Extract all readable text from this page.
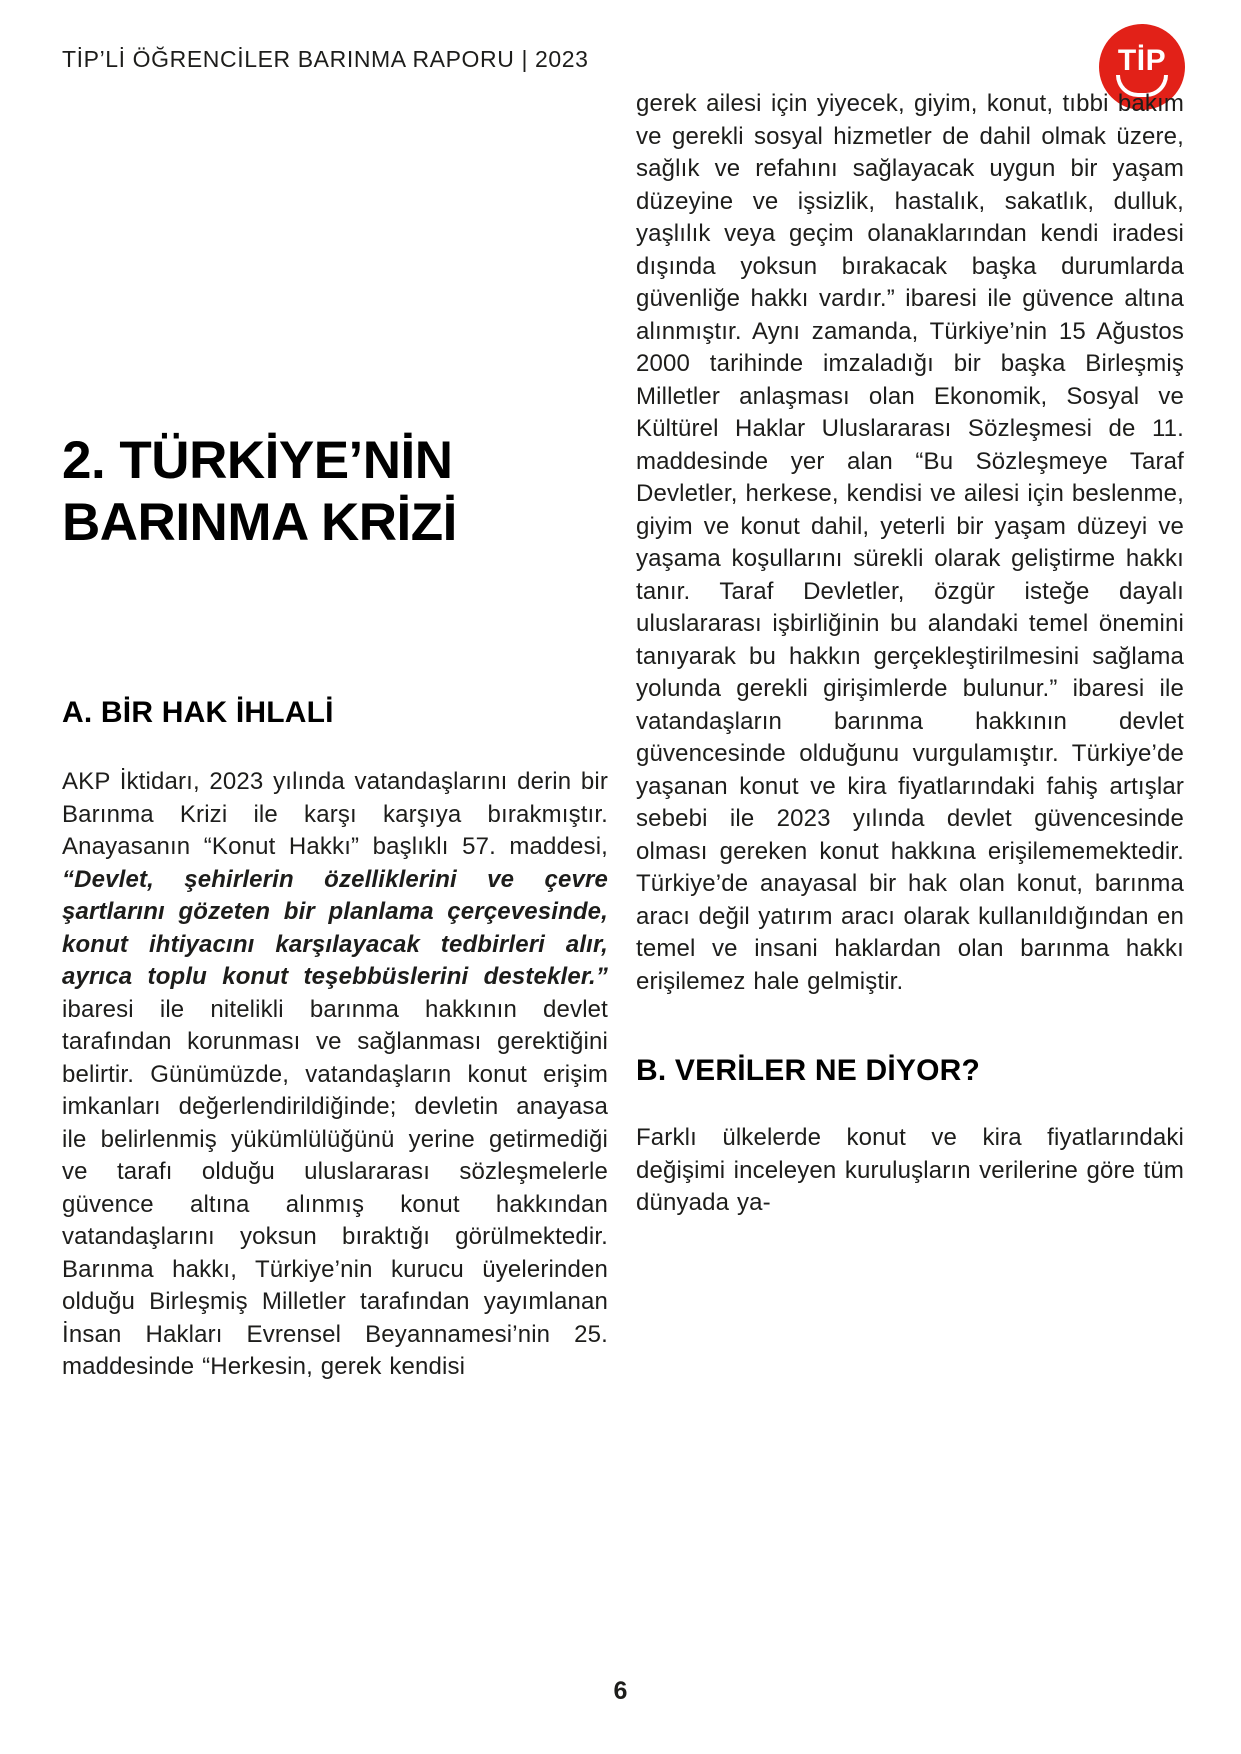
TİP’Lİ ÖĞRENCİLER BARINMA RAPORU | 2023	TİP
2. TÜRKİYE’NİN
BARINMA KRİZİ
A. BİR HAK İHLALİ

AKP İktidarı, 2023 yılında vatandaşlarını derin bir Barınma Krizi ile karşı karşıya bırakmıştır. Anayasanın “Konut Hakkı” başlıklı 57. maddesi, “Devlet, şehirlerin özelliklerini ve çevre şartlarını gözeten bir planlama çerçevesinde, konut ihtiyacını karşılayacak tedbirleri alır, ayrıca toplu konut teşebbüslerini destekler.” ibaresi ile nitelikli barınma hakkının devlet tarafından korunması ve sağlanması gerektiğini belirtir. Günümüzde, vatandaşların konut erişim imkanları değerlendirildiğinde; devletin anayasa ile belirlenmiş yükümlülüğünü yerine getirmediği ve tarafı olduğu uluslararası sözleşmelerle güvence altına alınmış konut hakkından vatandaşlarını yoksun bıraktığı görülmektedir. Barınma hakkı, Türkiye’nin kurucu üyelerinden olduğu Birleşmiş Milletler tarafından yayımlanan İnsan Hakları Evrensel Beyannamesi’nin 25. maddesinde “Herkesin, gerek kendisi

gerek ailesi için yiyecek, giyim, konut, tıbbi bakım ve gerekli sosyal hizmetler de dahil olmak üzere, sağlık ve refahını sağlayacak uygun bir yaşam düzeyine ve işsizlik, hastalık, sakatlık, dulluk, yaşlılık veya geçim olanaklarından kendi iradesi dışında yoksun bırakacak başka durumlarda güvenliğe hakkı vardır.” ibaresi ile güvence altına alınmıştır. Aynı zamanda, Türkiye’nin 15 Ağustos 2000 tarihinde imzaladığı bir başka Birleşmiş Milletler anlaşması olan Ekonomik, Sosyal ve Kültürel Haklar Uluslararası Sözleşmesi de 11. maddesinde yer alan “Bu Sözleşmeye Taraf Devletler, herkese, kendisi ve ailesi için beslenme, giyim ve konut dahil, yeterli bir yaşam düzeyi ve yaşama koşullarını sürekli olarak geliştirme hakkı tanır. Taraf Devletler, özgür isteğe dayalı uluslararası işbirliğinin bu alandaki temel önemini tanıyarak bu hakkın gerçekleştirilmesini sağlama yolunda gerekli girişimlerde bulunur.” ibaresi ile vatandaşların barınma hakkının devlet güvencesinde olduğunu vurgulamıştır. Türkiye’de yaşanan konut ve kira fiyatlarındaki fahiş artışlar sebebi ile 2023 yılında devlet güvencesinde olması gereken konut hakkına erişilememektedir. Türkiye’de anayasal bir hak olan konut, barınma aracı değil yatırım aracı olarak kullanıldığından en temel ve insani haklardan olan barınma hakkı erişilemez hale gelmiştir.

B. VERİLER NE DİYOR?

Farklı ülkelerde konut ve kira fiyatlarındaki değişimi inceleyen kuruluşların verilerine göre tüm dünyada ya-

6
